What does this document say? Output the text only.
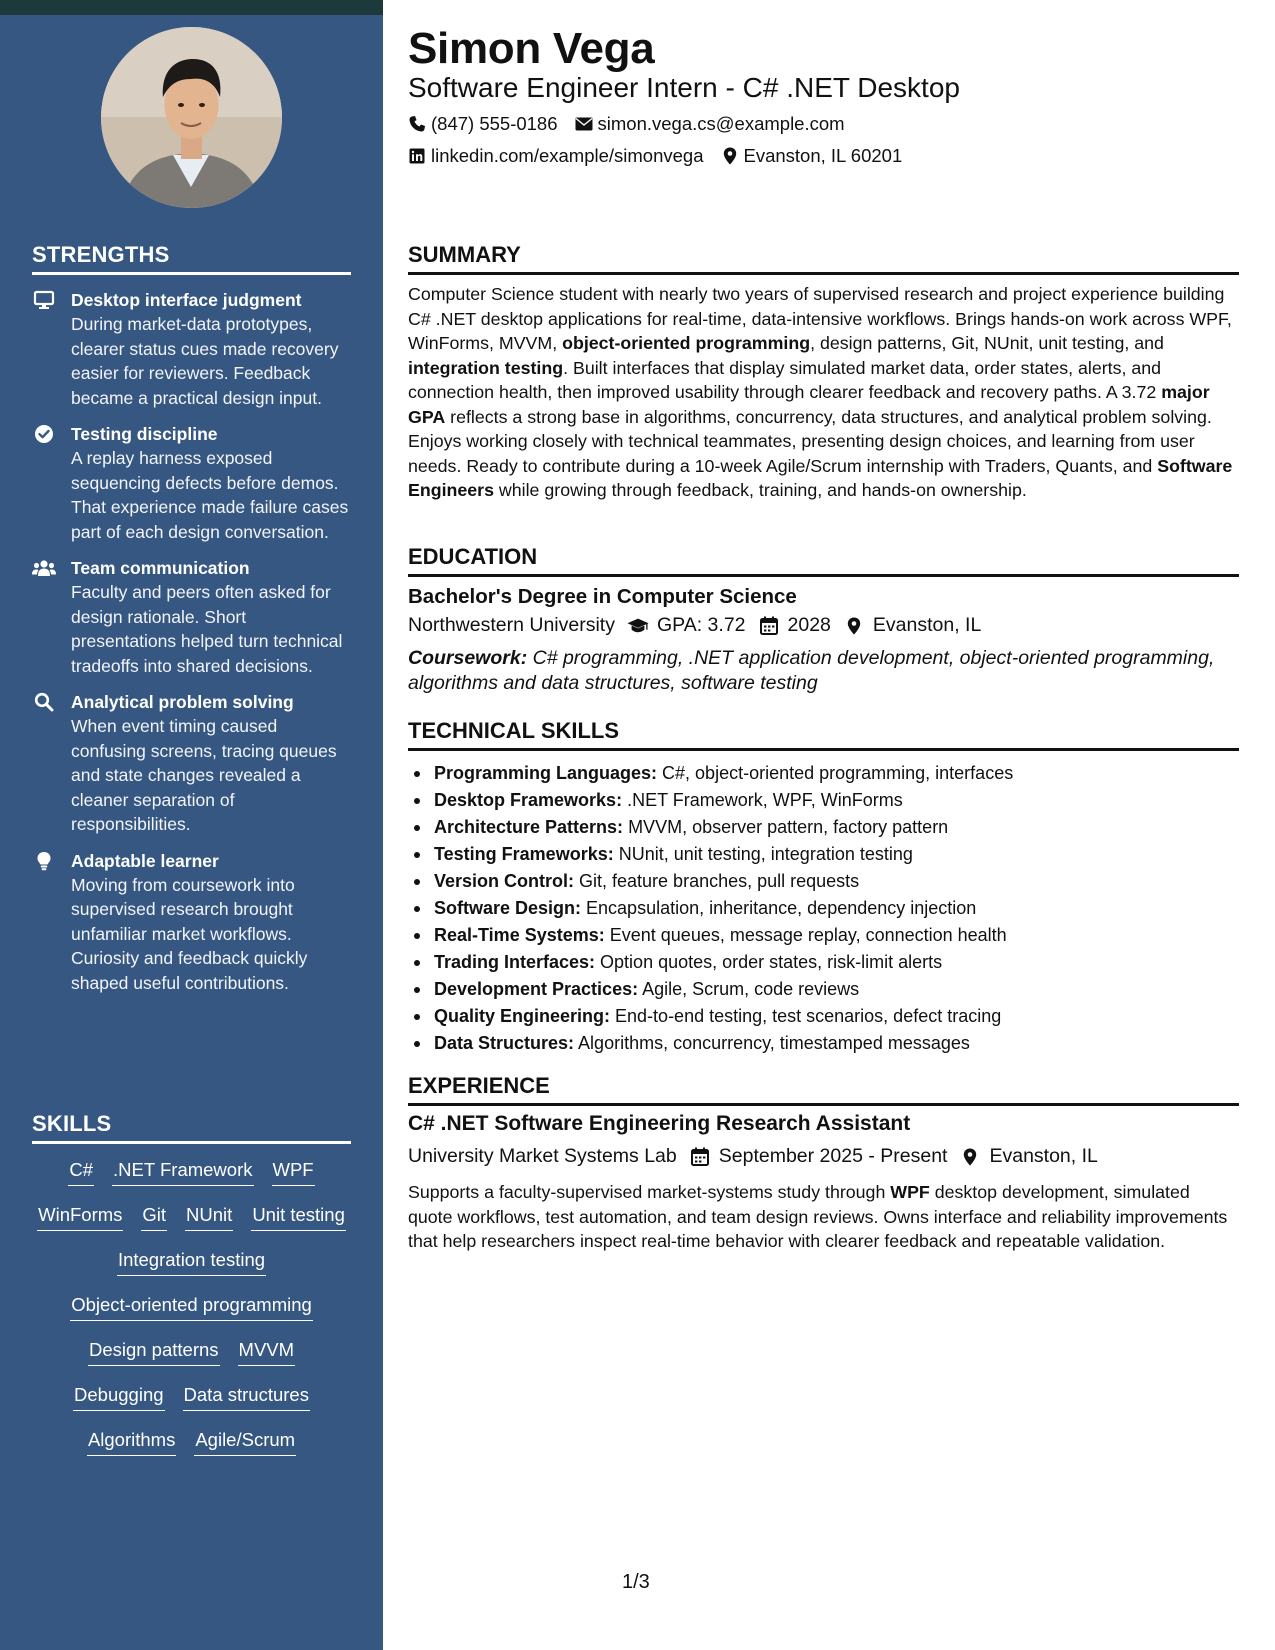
STRENGTHS
Desktop interface judgment
During market-data prototypes, clearer status cues made recovery easier for reviewers. Feedback became a practical design input.
Testing discipline
A replay harness exposed sequencing defects before demos. That experience made failure cases part of each design conversation.
Team communication
Faculty and peers often asked for design rationale. Short presentations helped turn technical tradeoffs into shared decisions.
Analytical problem solving
When event timing caused confusing screens, tracing queues and state changes revealed a cleaner separation of responsibilities.
Adaptable learner
Moving from coursework into supervised research brought unfamiliar market workflows. Curiosity and feedback quickly shaped useful contributions.
SKILLS
C# .NET Framework WPF
WinForms Git NUnit Unit testing
Integration testing
Object-oriented programming
Design patterns MVVM
Debugging Data structures
Algorithms Agile/Scrum
Simon Vega
Software Engineer Intern - C# .NET Desktop
(847) 555-0186 simon.vega.cs@example.com
linkedin.com/example/simonvega Evanston, IL 60201
SUMMARY
Computer Science student with nearly two years of supervised research and project experience building C# .NET desktop applications for real-time, data-intensive workflows. Brings hands-on work across WPF, WinForms, MVVM, object-oriented programming, design patterns, Git, NUnit, unit testing, and integration testing. Built interfaces that display simulated market data, order states, alerts, and connection health, then improved usability through clearer feedback and recovery paths. A 3.72 major GPA reflects a strong base in algorithms, concurrency, data structures, and analytical problem solving. Enjoys working closely with technical teammates, presenting design choices, and learning from user needs. Ready to contribute during a 10-week Agile/Scrum internship with Traders, Quants, and Software Engineers while growing through feedback, training, and hands-on ownership.
EDUCATION
Bachelor's Degree in Computer Science
Northwestern University GPA: 3.72 2028 Evanston, IL
Coursework: C# programming, .NET application development, object-oriented programming, algorithms and data structures, software testing
TECHNICAL SKILLS
Programming Languages: C#, object-oriented programming, interfaces
Desktop Frameworks: .NET Framework, WPF, WinForms
Architecture Patterns: MVVM, observer pattern, factory pattern
Testing Frameworks: NUnit, unit testing, integration testing
Version Control: Git, feature branches, pull requests
Software Design: Encapsulation, inheritance, dependency injection
Real-Time Systems: Event queues, message replay, connection health
Trading Interfaces: Option quotes, order states, risk-limit alerts
Development Practices: Agile, Scrum, code reviews
Quality Engineering: End-to-end testing, test scenarios, defect tracing
Data Structures: Algorithms, concurrency, timestamped messages
EXPERIENCE
C# .NET Software Engineering Research Assistant
University Market Systems Lab September 2025 - Present Evanston, IL
Supports a faculty-supervised market-systems study through WPF desktop development, simulated quote workflows, test automation, and team design reviews. Owns interface and reliability improvements that help researchers inspect real-time behavior with clearer feedback and repeatable validation.
1/3
